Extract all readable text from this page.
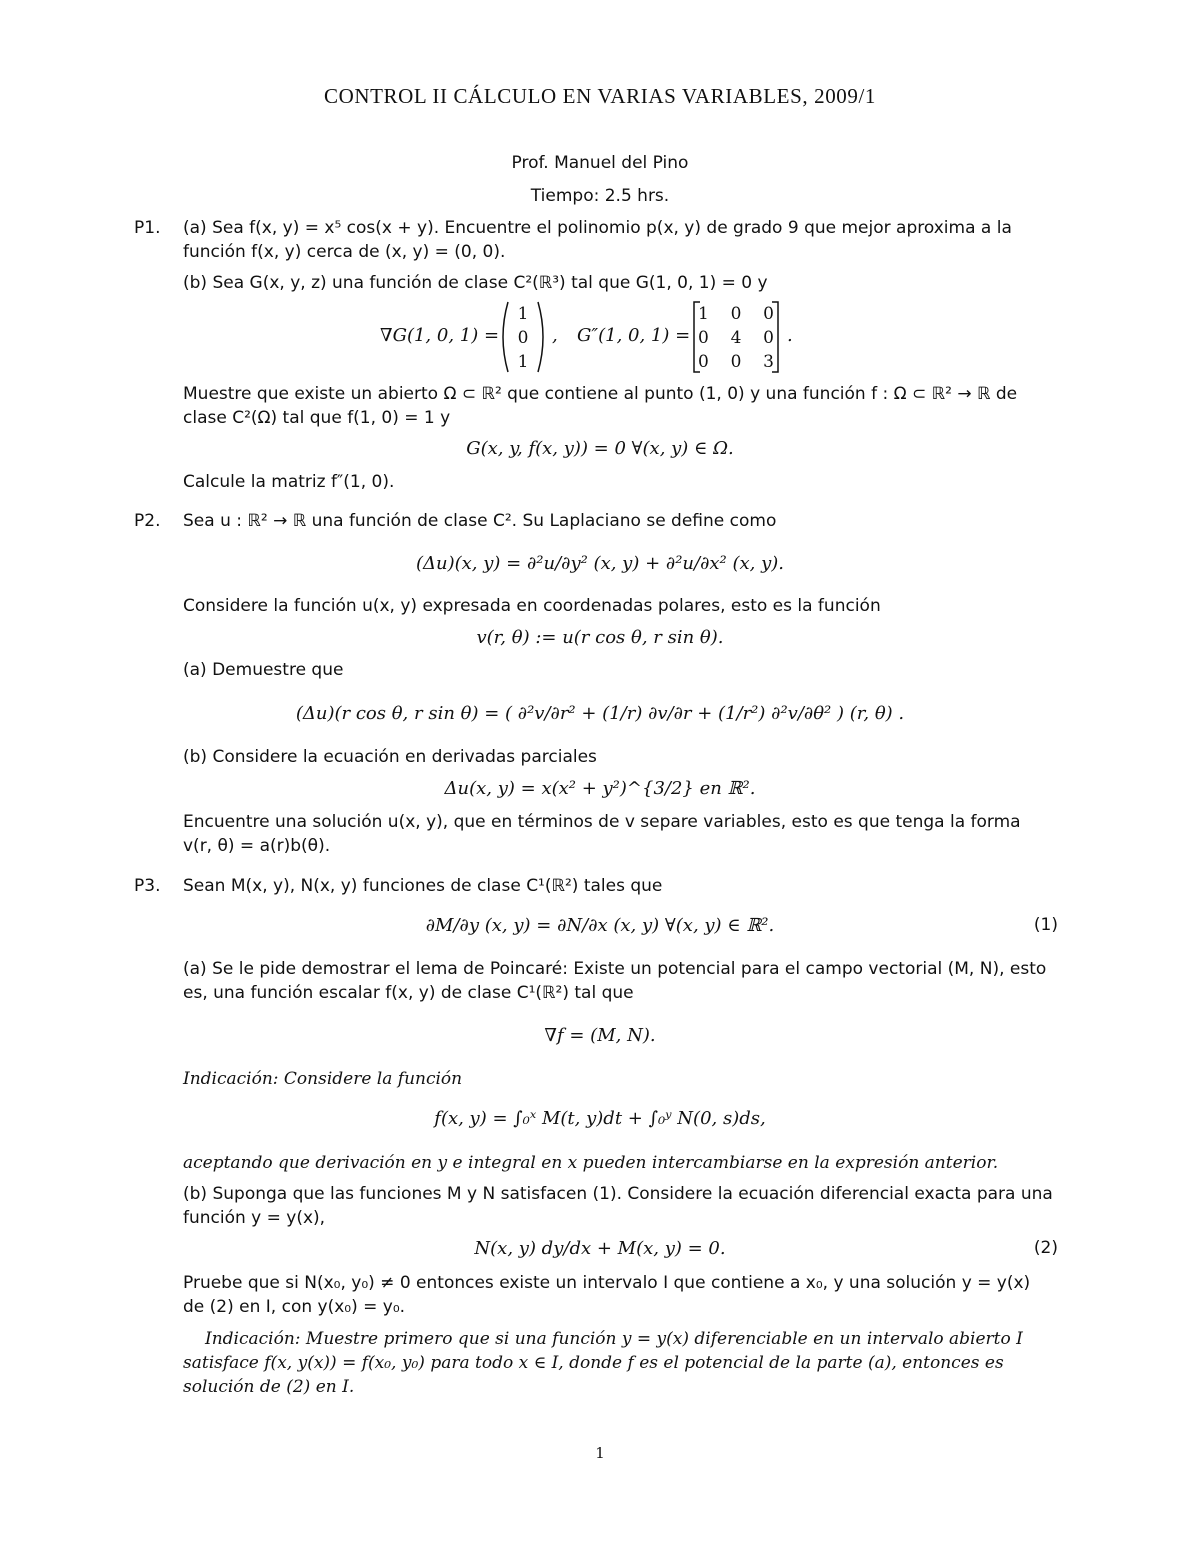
CONTROL II CÁLCULO EN VARIAS VARIABLES, 2009/1
Prof. Manuel del Pino
Tiempo: 2.5 hrs.
P1. (a) Sea f(x, y) = x⁵ cos(x + y). Encuentre el polinomio p(x, y) de grado 9 que mejor aproxima a la
función f(x, y) cerca de (x, y) = (0, 0).
(b) Sea G(x, y, z) una función de clase C²(ℝ³) tal que G(1, 0, 1) = 0 y
∇G(1, 0, 1) =
1
0
1
, G″(1, 0, 1) =
1 0 0
0 4 0
0 0 3
.
Muestre que existe un abierto Ω ⊂ ℝ² que contiene al punto (1, 0) y una función f : Ω ⊂ ℝ² → ℝ de
clase C²(Ω) tal que f(1, 0) = 1 y
G(x, y, f(x, y)) = 0 ∀(x, y) ∈ Ω.
Calcule la matriz f″(1, 0).
P2. Sea u : ℝ² → ℝ una función de clase C². Su Laplaciano se define como
(Δu)(x, y) = ∂²u/∂y² (x, y) + ∂²u/∂x² (x, y).
Considere la función u(x, y) expresada en coordenadas polares, esto es la función
v(r, θ) := u(r cos θ, r sin θ).
(a) Demuestre que
(Δu)(r cos θ, r sin θ) = ( ∂²v/∂r² + (1/r) ∂v/∂r + (1/r²) ∂²v/∂θ² ) (r, θ) .
(b) Considere la ecuación en derivadas parciales
Δu(x, y) = x(x² + y²)^{3/2} en ℝ².
Encuentre una solución u(x, y), que en términos de v separe variables, esto es que tenga la forma
v(r, θ) = a(r)b(θ).
P3. Sean M(x, y), N(x, y) funciones de clase C¹(ℝ²) tales que
∂M/∂y (x, y) = ∂N/∂x (x, y) ∀(x, y) ∈ ℝ².	(1)
(a) Se le pide demostrar el lema de Poincaré: Existe un potencial para el campo vectorial (M, N), esto
es, una función escalar f(x, y) de clase C¹(ℝ²) tal que
∇f = (M, N).
Indicación: Considere la función
f(x, y) = ∫₀ˣ M(t, y)dt + ∫₀ʸ N(0, s)ds,
aceptando que derivación en y e integral en x pueden intercambiarse en la expresión anterior.
(b) Suponga que las funciones M y N satisfacen (1). Considere la ecuación diferencial exacta para una
función y = y(x),
N(x, y) dy/dx + M(x, y) = 0.	(2)
Pruebe que si N(x₀, y₀) ≠ 0 entonces existe un intervalo I que contiene a x₀, y una solución y = y(x)
de (2) en I, con y(x₀) = y₀.
Indicación: Muestre primero que si una función y = y(x) diferenciable en un intervalo abierto I
satisface f(x, y(x)) = f(x₀, y₀) para todo x ∈ I, donde f es el potencial de la parte (a), entonces es
solución de (2) en I.
1
